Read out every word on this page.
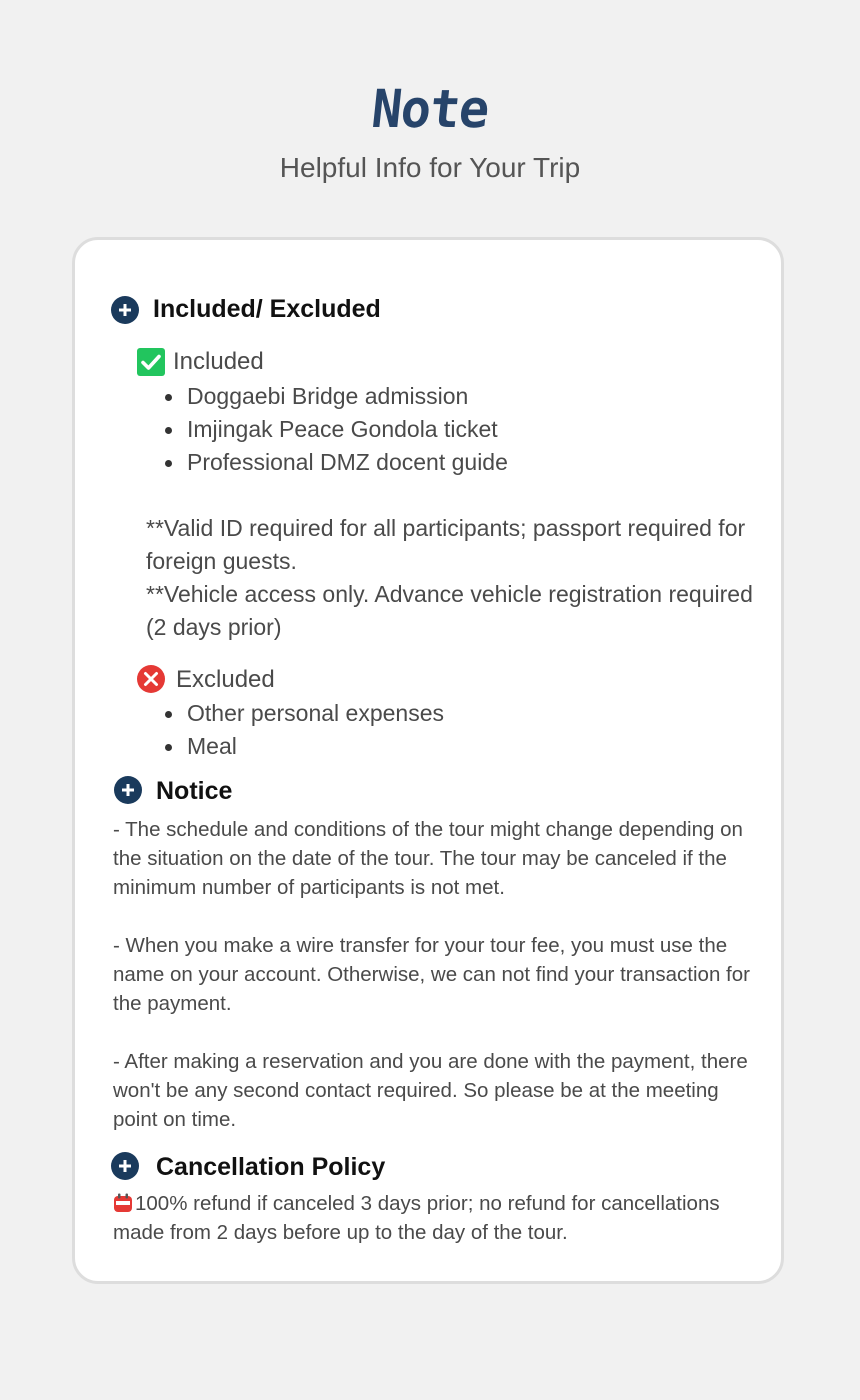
Note
Helpful Info for Your Trip
Included/ Excluded
Included
Doggaebi Bridge admission
Imjingak Peace Gondola ticket
Professional DMZ docent guide
**Valid ID required for all participants; passport required for foreign guests.
**Vehicle access only. Advance vehicle registration required (2 days prior)
Excluded
Other personal expenses
Meal
Notice
- The schedule and conditions of the tour might change depending on the situation on the date of the tour. The tour may be canceled if the minimum number of participants is not met.
- When you make a wire transfer for your tour fee, you must use the name on your account. Otherwise, we can not find your transaction for the payment.
- After making a reservation and you are done with the payment, there won't be any second contact required. So please be at the meeting point on time.
Cancellation Policy
100% refund if canceled 3 days prior; no refund for cancellations made from 2 days before up to the day of the tour.
